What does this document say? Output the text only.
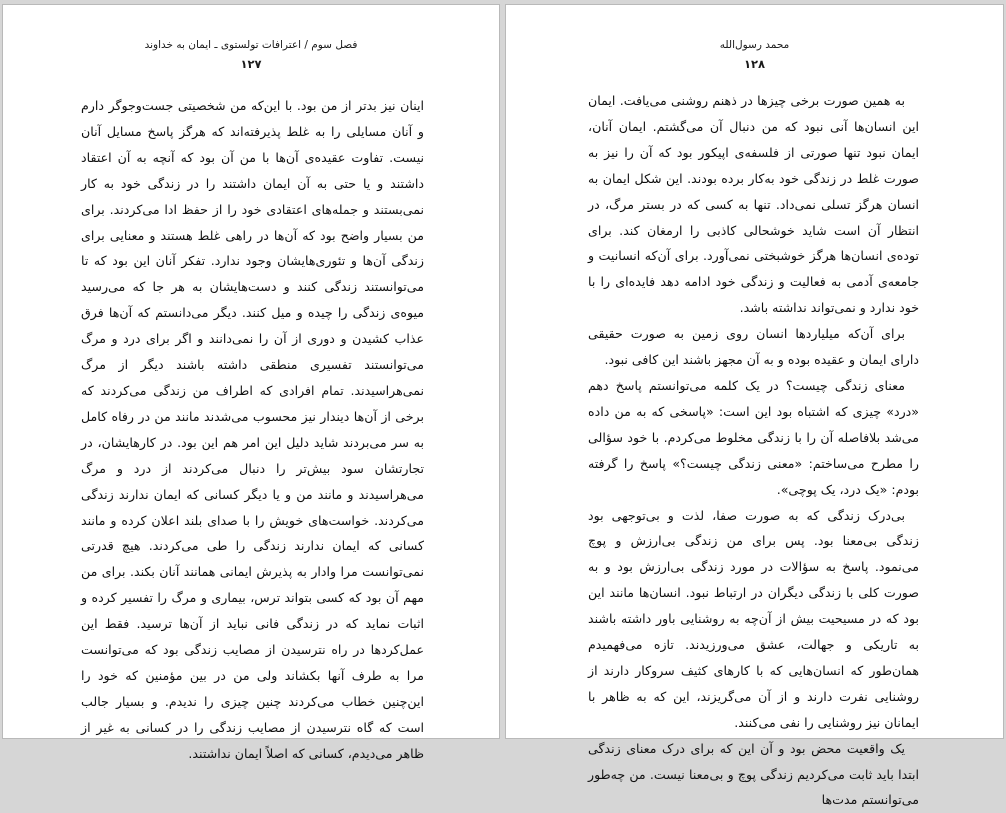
فصل سوم / اعترافات تولستوی ـ ایمان به خداوند
۱۲۷

اینان نیز بدتر از من بود. با این‌که من شخصیتی جست‌وجوگر دارم و آنان مسایلی را به غلط پذیرفته‌اند که هرگز پاسخ مسایل آنان نیست. تفاوت عقیده‌ی آن‌ها با من آن بود که آنچه به آن اعتقاد داشتند و یا حتی به آن ایمان داشتند را در زندگی خود به کار نمی‌بستند و جمله‌های اعتقادی خود را از حفظ ادا می‌کردند. برای من بسیار واضح بود که آن‌ها در راهی غلط هستند و معنایی برای زندگی آن‌ها و تئوری‌هایشان وجود ندارد. تفکر آنان این بود که تا می‌توانستند زندگی کنند و دست‌هایشان به هر جا که می‌رسید میوه‌ی زندگی را چیده و میل کنند. دیگر می‌دانستم که آن‌ها فرق عذاب کشیدن و دوری از آن را نمی‌دانند و اگر برای درد و مرگ می‌توانستند تفسیری منطقی داشته باشند دیگر از مرگ نمی‌هراسیدند. تمام افرادی که اطراف من زندگی می‌کردند که برخی از آن‌ها دیندار نیز محسوب می‌شدند مانند من در رفاه کامل به سر می‌بردند شاید دلیل این امر هم این بود. در کارهایشان، در تجارتشان سود بیش‌تر را دنبال می‌کردند از درد و مرگ می‌هراسیدند و مانند من و یا دیگر کسانی که ایمان ندارند زندگی می‌کردند. خواست‌های خویش را با صدای بلند اعلان کرده و مانند کسانی که ایمان ندارند زندگی را طی می‌کردند. هیچ قدرتی نمی‌توانست مرا وادار به پذیرش ایمانی همانند آنان بکند. برای من مهم آن بود که کسی بتواند ترس، بیماری و مرگ را تفسیر کرده و اثبات نماید که در زندگی فانی نباید از آن‌ها ترسید. فقط این عمل‌کردها در راه نترسیدن از مصایب زندگی بود که می‌توانست مرا به طرف آنها بکشاند ولی من در بین مؤمنین که خود را این‌چنین خطاب می‌کردند چنین چیزی را ندیدم. و بسیار جالب است که گاه نترسیدن از مصایب زندگی را در کسانی به غیر از ظاهر می‌دیدم، کسانی که اصلاً ایمان نداشتند.

محمد رسول‌الله
۱۲۸

به همین صورت برخی چیزها در ذهنم روشنی می‌یافت. ایمان این انسان‌ها آنی نبود که من دنبال آن می‌گشتم. ایمان آنان، ایمان نبود تنها صورتی از فلسفه‌ی اپیکور بود که آن را نیز به صورت غلط در زندگی خود به‌کار برده بودند. این شکل ایمان به انسان هرگز تسلی نمی‌داد. تنها به کسی که در بستر مرگ، در انتظار آن است شاید خوشحالی کاذبی را ارمغان کند. برای توده‌ی انسان‌ها هرگز خوشبختی نمی‌آورد. برای آن‌که انسانیت و جامعه‌ی آدمی به فعالیت و زندگی خود ادامه دهد فایده‌ای را با خود ندارد و نمی‌تواند نداشته باشد.

برای آن‌که میلیاردها انسان روی زمین به صورت حقیقی دارای ایمان و عقیده بوده و به آن مجهز باشند این کافی نبود.

معنای زندگی چیست؟ در یک کلمه می‌توانستم پاسخ دهم «درد» چیزی که اشتباه بود این است: «پاسخی که به من داده می‌شد بلافاصله آن را با زندگی مخلوط می‌کردم. با خود سؤالی را مطرح می‌ساختم: «معنی زندگی چیست؟» پاسخ را گرفته بودم: «یک درد، یک پوچی».

بی‌درک زندگی که به صورت صفا، لذت و بی‌توجهی بود زندگی بی‌معنا بود. پس برای من زندگی بی‌ارزش و پوچ می‌نمود. پاسخ به سؤالات در مورد زندگی بی‌ارزش بود و به صورت کلی با زندگی دیگران در ارتباط نبود. انسان‌ها مانند این بود که در مسیحیت بیش از آن‌چه به روشنایی باور داشته باشند به تاریکی و جهالت، عشق می‌ورزیدند. تازه می‌فهمیدم همان‌طور که انسان‌هایی که با کارهای کثیف سروکار دارند از روشنایی نفرت دارند و از آن می‌گریزند، این که به ظاهر با ایمانان نیز روشنایی را نفی می‌کنند.

یک واقعیت محض بود و آن این که برای درک معنای زندگی ابتدا باید ثابت می‌کردیم زندگی پوچ و بی‌معنا نیست. من چه‌طور می‌توانستم مدت‌ها
